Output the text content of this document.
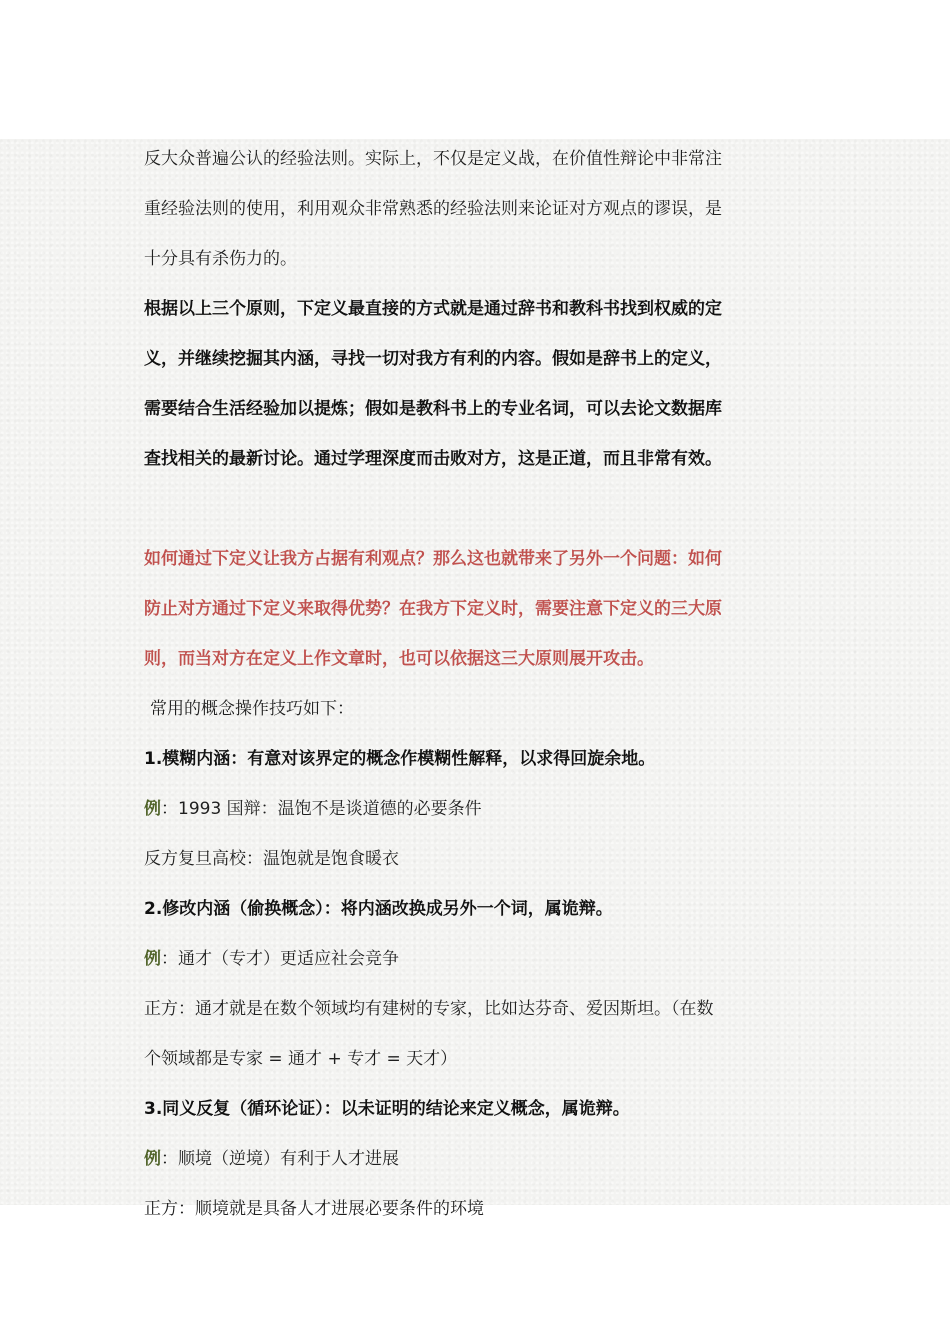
反大众普遍公认的经验法则。实际上，不仅是定义战，在价值性辩论中非常注
重经验法则的使用，利用观众非常熟悉的经验法则来论证对方观点的谬误，是
十分具有杀伤力的。
根据以上三个原则，下定义最直接的方式就是通过辞书和教科书找到权威的定
义，并继续挖掘其内涵，寻找一切对我方有利的内容。假如是辞书上的定义，
需要结合生活经验加以提炼；假如是教科书上的专业名词，可以去论文数据库
查找相关的最新讨论。通过学理深度而击败对方，这是正道，而且非常有效。
如何通过下定义让我方占据有利观点？那么这也就带来了另外一个问题：如何
防止对方通过下定义来取得优势？在我方下定义时，需要注意下定义的三大原
则，而当对方在定义上作文章时，也可以依据这三大原则展开攻击。
常用的概念操作技巧如下：
1.模糊内涵：有意对该界定的概念作模糊性解释，以求得回旋余地。
例：1993 国辩：温饱不是谈道德的必要条件
反方复旦高校：温饱就是饱食暖衣
2.修改内涵（偷换概念）：将内涵改换成另外一个词，属诡辩。
例：通才（专才）更适应社会竞争
正方：通才就是在数个领域均有建树的专家，比如达芬奇、爱因斯坦。（在数
个领域都是专家 = 通才 + 专才 = 天才）
3.同义反复（循环论证）：以未证明的结论来定义概念，属诡辩。
例：顺境（逆境）有利于人才进展
正方：顺境就是具备人才进展必要条件的环境
